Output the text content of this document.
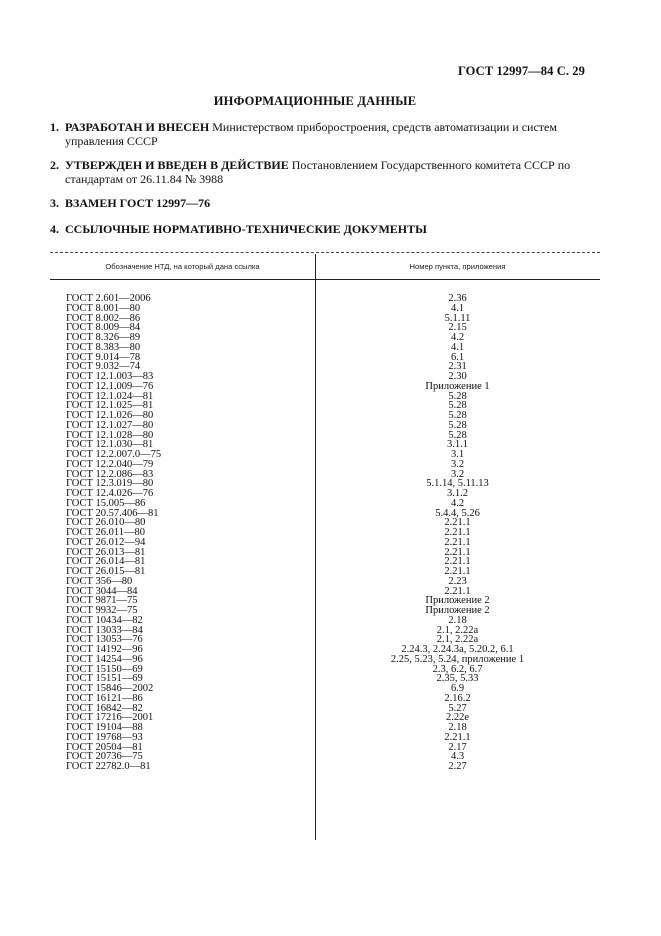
ГОСТ 12997—84 С. 29
ИНФОРМАЦИОННЫЕ ДАННЫЕ
1. РАЗРАБОТАН И ВНЕСЕН Министерством приборостроения, средств автоматизации и систем
управления СССР
2. УТВЕРЖДЕН И ВВЕДЕН В ДЕЙСТВИЕ Постановлением Государственного комитета СССР по
стандартам от 26.11.84 № 3988
3. ВЗАМЕН ГОСТ 12997—76
4. ССЫЛОЧНЫЕ НОРМАТИВНО-ТЕХНИЧЕСКИЕ ДОКУМЕНТЫ
Обозначение НТД, на который дана ссылка	Номер пункта, приложения
ГОСТ 2.601—2006	2.36
ГОСТ 8.001—80	4.1
ГОСТ 8.002—86	5.1.11
ГОСТ 8.009—84	2.15
ГОСТ 8.326—89	4.2
ГОСТ 8.383—80	4.1
ГОСТ 9.014—78	6.1
ГОСТ 9.032—74	2.31
ГОСТ 12.1.003—83	2.30
ГОСТ 12.1.009—76	Приложение 1
ГОСТ 12.1.024—81	5.28
ГОСТ 12.1.025—81	5.28
ГОСТ 12.1.026—80	5.28
ГОСТ 12.1.027—80	5.28
ГОСТ 12.1.028—80	5.28
ГОСТ 12.1.030—81	3.1.1
ГОСТ 12.2.007.0—75	3.1
ГОСТ 12.2.040—79	3.2
ГОСТ 12.2.086—83	3.2
ГОСТ 12.3.019—80	5.1.14, 5.11.13
ГОСТ 12.4.026—76	3.1.2
ГОСТ 15.005—86	4.2
ГОСТ 20.57.406—81	5.4.4, 5.26
ГОСТ 26.010—80	2.21.1
ГОСТ 26.011—80	2.21.1
ГОСТ 26.012—94	2.21.1
ГОСТ 26.013—81	2.21.1
ГОСТ 26.014—81	2.21.1
ГОСТ 26.015—81	2.21.1
ГОСТ 356—80	2.23
ГОСТ 3044—84	2.21.1
ГОСТ 9871—75	Приложение 2
ГОСТ 9932—75	Приложение 2
ГОСТ 10434—82	2.18
ГОСТ 13033—84	2.1, 2.22а
ГОСТ 13053—76	2.1, 2.22а
ГОСТ 14192—96	2.24.3, 2.24.3а, 5.20.2, 6.1
ГОСТ 14254—96	2.25, 5.23, 5.24, приложение 1
ГОСТ 15150—69	2.3, 6.2, 6.7
ГОСТ 15151—69	2.35, 5.33
ГОСТ 15846—2002	6.9
ГОСТ 16121—86	2.16.2
ГОСТ 16842—82	5.27
ГОСТ 17216—2001	2.22е
ГОСТ 19104—88	2.18
ГОСТ 19768—93	2.21.1
ГОСТ 20504—81	2.17
ГОСТ 20736—75	4.3
ГОСТ 22782.0—81	2.27
